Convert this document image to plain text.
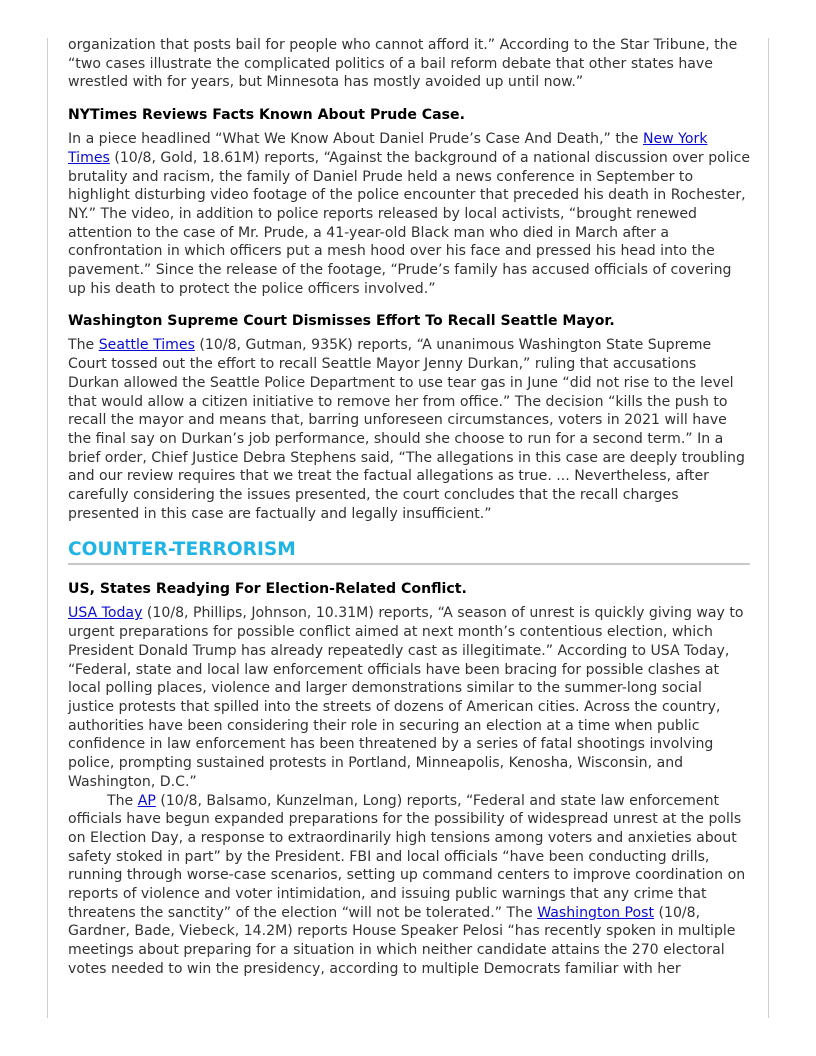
organization that posts bail for people who cannot afford it.” According to the Star Tribune, the “two cases illustrate the complicated politics of a bail reform debate that other states have wrestled with for years, but Minnesota has mostly avoided up until now.”

NYTimes Reviews Facts Known About Prude Case.

In a piece headlined “What We Know About Daniel Prude’s Case And Death,” the New York Times (10/8, Gold, 18.61M) reports, “Against the background of a national discussion over police brutality and racism, the family of Daniel Prude held a news conference in September to highlight disturbing video footage of the police encounter that preceded his death in Rochester, NY.” The video, in addition to police reports released by local activists, “brought renewed attention to the case of Mr. Prude, a 41-year-old Black man who died in March after a confrontation in which officers put a mesh hood over his face and pressed his head into the pavement.” Since the release of the footage, “Prude’s family has accused officials of covering up his death to protect the police officers involved.”

Washington Supreme Court Dismisses Effort To Recall Seattle Mayor.

The Seattle Times (10/8, Gutman, 935K) reports, “A unanimous Washington State Supreme Court tossed out the effort to recall Seattle Mayor Jenny Durkan,” ruling that accusations Durkan allowed the Seattle Police Department to use tear gas in June “did not rise to the level that would allow a citizen initiative to remove her from office.” The decision “kills the push to recall the mayor and means that, barring unforeseen circumstances, voters in 2021 will have the final say on Durkan’s job performance, should she choose to run for a second term.” In a brief order, Chief Justice Debra Stephens said, “The allegations in this case are deeply troubling and our review requires that we treat the factual allegations as true. ... Nevertheless, after carefully considering the issues presented, the court concludes that the recall charges presented in this case are factually and legally insufficient.”

COUNTER-TERRORISM
US, States Readying For Election-Related Conflict.

USA Today (10/8, Phillips, Johnson, 10.31M) reports, “A season of unrest is quickly giving way to urgent preparations for possible conflict aimed at next month’s contentious election, which President Donald Trump has already repeatedly cast as illegitimate.” According to USA Today, “Federal, state and local law enforcement officials have been bracing for possible clashes at local polling places, violence and larger demonstrations similar to the summer-long social justice protests that spilled into the streets of dozens of American cities. Across the country, authorities have been considering their role in securing an election at a time when public confidence in law enforcement has been threatened by a series of fatal shootings involving police, prompting sustained protests in Portland, Minneapolis, Kenosha, Wisconsin, and Washington, D.C.”

The AP (10/8, Balsamo, Kunzelman, Long) reports, “Federal and state law enforcement officials have begun expanded preparations for the possibility of widespread unrest at the polls on Election Day, a response to extraordinarily high tensions among voters and anxieties about safety stoked in part” by the President. FBI and local officials “have been conducting drills, running through worse-case scenarios, setting up command centers to improve coordination on reports of violence and voter intimidation, and issuing public warnings that any crime that threatens the sanctity” of the election “will not be tolerated.” The Washington Post (10/8, Gardner, Bade, Viebeck, 14.2M) reports House Speaker Pelosi “has recently spoken in multiple meetings about preparing for a situation in which neither candidate attains the 270 electoral votes needed to win the presidency, according to multiple Democrats familiar with her
